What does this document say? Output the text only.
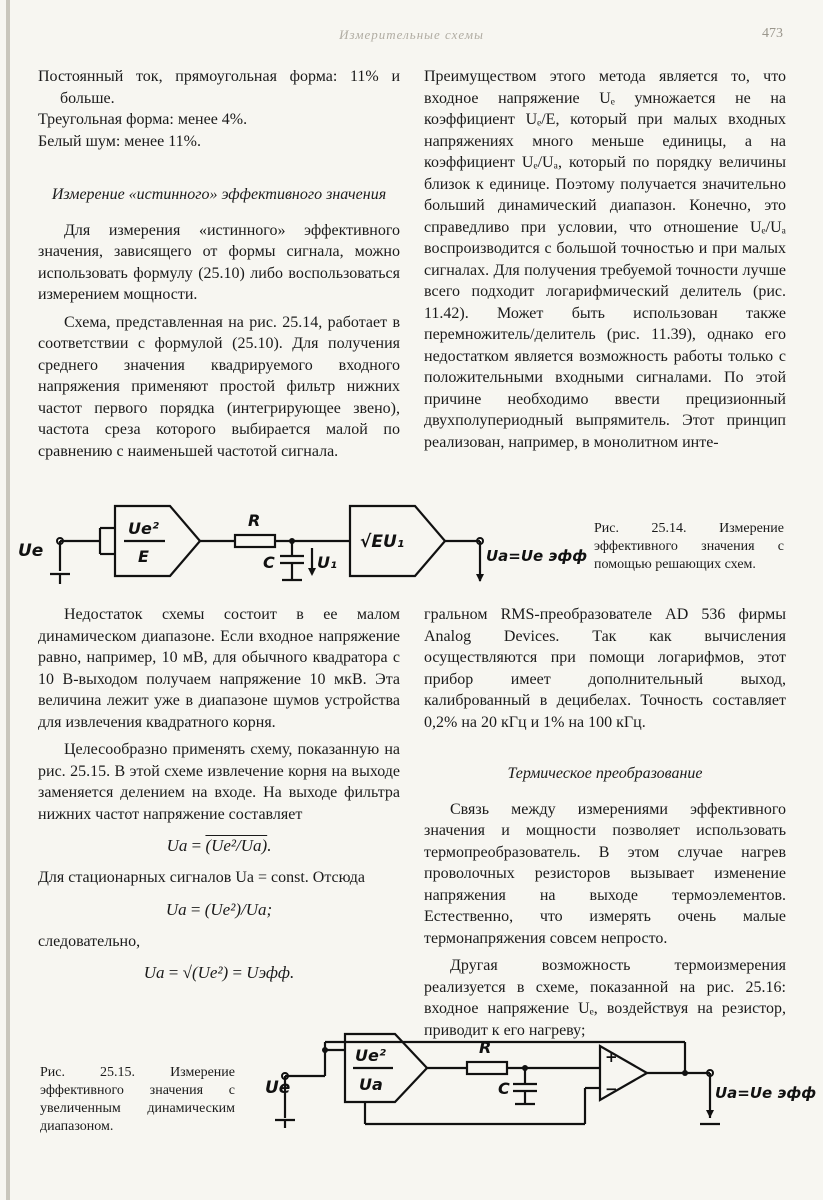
Измерительные схемы	473

Постоянный ток, прямоугольная форма: 11% и больше.

Треугольная форма: менее 4%.

Белый шум: менее 11%.

Измерение «истинного» эффективного значения

Для измерения «истинного» эффективного значения, зависящего от формы сигнала, можно использовать формулу (25.10) либо воспользоваться измерением мощности.

Схема, представленная на рис. 25.14, работает в соответствии с формулой (25.10). Для получения среднего значения квадрируемого входного напряжения применяют простой фильтр нижних частот первого порядка (интегрирующее звено), частота среза которого выбирается малой по сравнению с наименьшей частотой сигнала.

Преимуществом этого метода является то, что входное напряжение Uₑ умножается не на коэффициент Uₑ/E, который при малых входных напряжениях много меньше единицы, а на коэффициент Uₑ/Uₐ, который по порядку величины близок к единице. Поэтому получается значительно больший динамический диапазон. Конечно, это справедливо при условии, что отношение Uₑ/Uₐ воспроизводится с большой точностью и при малых сигналах. Для получения требуемой точности лучше всего подходит логарифмический делитель (рис. 11.42). Может быть использован также перемножитель/делитель (рис. 11.39), однако его недостатком является возможность работы только с положительными входными сигналами. По этой причине необходимо ввести прецизионный двухполупериодный выпрямитель. Этот принцип реализован, например, в монолитном инте-

Ue
Ue²
E
R
C	U₁
√EU₁
Ua=Ue эфф
Рис. 25.14. Измерение эффективного значения с помощью решающих схем.

Недостаток схемы состоит в ее малом динамическом диапазоне. Если входное напряжение равно, например, 10 мВ, для обычного квадратора с 10 В-выходом получаем напряжение 10 мкВ. Эта величина лежит уже в диапазоне шумов устройства для извлечения квадратного корня.

Целесообразно применять схему, показанную на рис. 25.15. В этой схеме извлечение корня на выходе заменяется делением на входе. На выходе фильтра нижних частот напряжение составляет

Ua = (Ue²/Ua).

Для стационарных сигналов Ua = const. Отсюда

Ua = (Ue²)/Ua;

следовательно,

Ua = √(Ue²) = Uэфф.

гральном RMS-преобразователе AD 536 фирмы Analog Devices. Так как вычисления осуществляются при помощи логарифмов, этот прибор имеет дополнительный выход, калиброванный в децибелах. Точность составляет 0,2% на 20 кГц и 1% на 100 кГц.

Термическое преобразование

Связь между измерениями эффективного значения и мощности позволяет использовать термопреобразователь. В этом случае нагрев проволочных резисторов вызывает изменение напряжения на выходе термоэлементов. Естественно, что измерять очень малые термонапряжения совсем непросто.

Другая возможность термоизмерения реализуется в схеме, показанной на рис. 25.16: входное напряжение Uₑ, воздействуя на резистор, приводит к его нагреву;

Рис. 25.15. Измерение эффективного значения с увеличенным динамическим диапазоном.
Ue
Ue²
Ua
R
C
+
−	Ua=Ue эфф
